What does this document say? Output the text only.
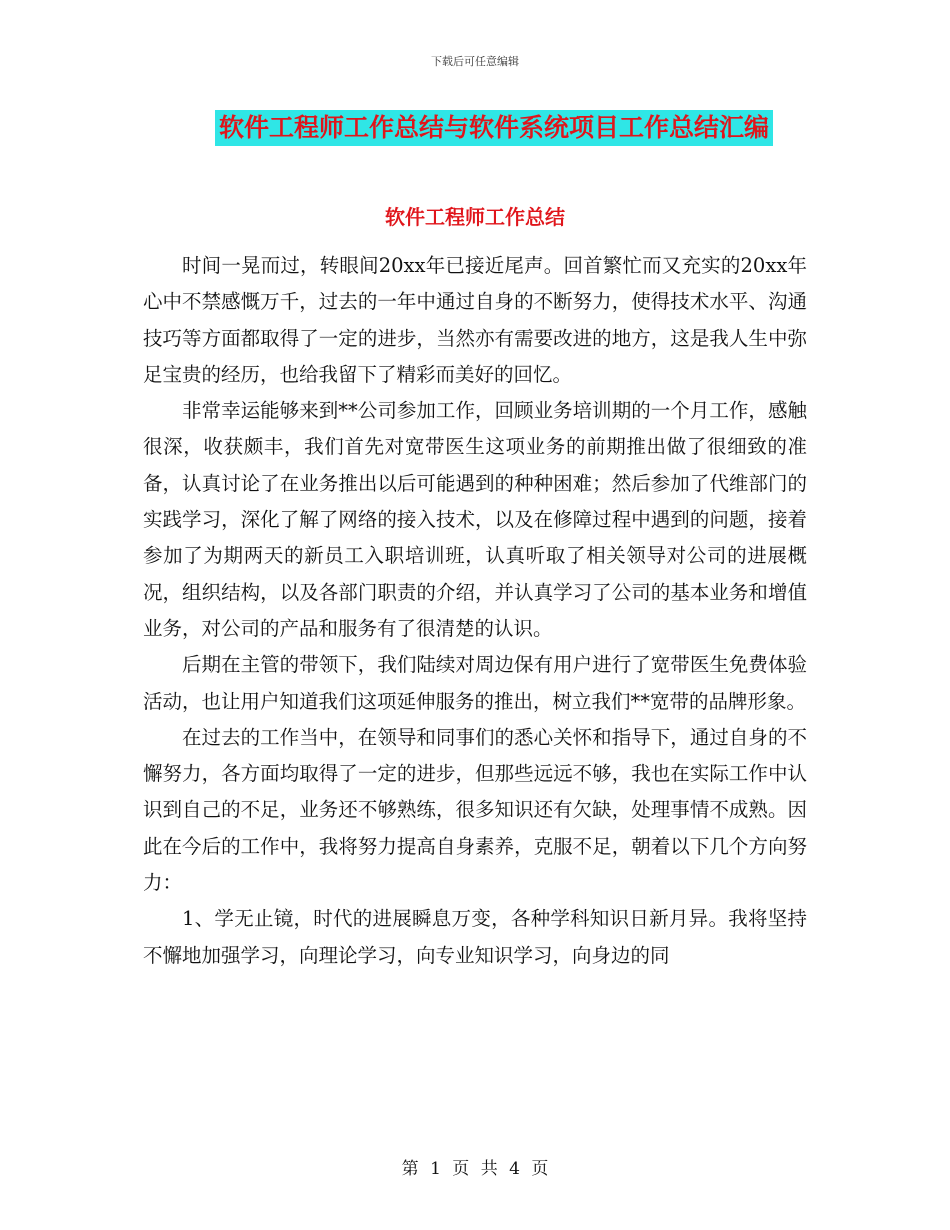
下载后可任意编辑
软件工程师工作总结与软件系统项目工作总结汇编
软件工程师工作总结

时间一晃而过，转眼间20xx年已接近尾声。回首繁忙而又充实的20xx年心中不禁感慨万千，过去的一年中通过自身的不断努力，使得技术水平、沟通技巧等方面都取得了一定的进步，当然亦有需要改进的地方，这是我人生中弥足宝贵的经历，也给我留下了精彩而美好的回忆。

非常幸运能够来到**公司参加工作，回顾业务培训期的一个月工作，感触很深，收获颇丰，我们首先对宽带医生这项业务的前期推出做了很细致的准备，认真讨论了在业务推出以后可能遇到的种种困难；然后参加了代维部门的实践学习，深化了解了网络的接入技术，以及在修障过程中遇到的问题，接着参加了为期两天的新员工入职培训班，认真听取了相关领导对公司的进展概况，组织结构，以及各部门职责的介绍，并认真学习了公司的基本业务和增值业务，对公司的产品和服务有了很清楚的认识。

后期在主管的带领下，我们陆续对周边保有用户进行了宽带医生免费体验活动，也让用户知道我们这项延伸服务的推出，树立我们**宽带的品牌形象。

在过去的工作当中，在领导和同事们的悉心关怀和指导下，通过自身的不懈努力，各方面均取得了一定的进步，但那些远远不够，我也在实际工作中认识到自己的不足，业务还不够熟练，很多知识还有欠缺，处理事情不成熟。因此在今后的工作中，我将努力提高自身素养，克服不足，朝着以下几个方向努力：

1、学无止镜，时代的进展瞬息万变，各种学科知识日新月异。我将坚持不懈地加强学习，向理论学习，向专业知识学习，向身边的同

第 1 页 共 4 页
